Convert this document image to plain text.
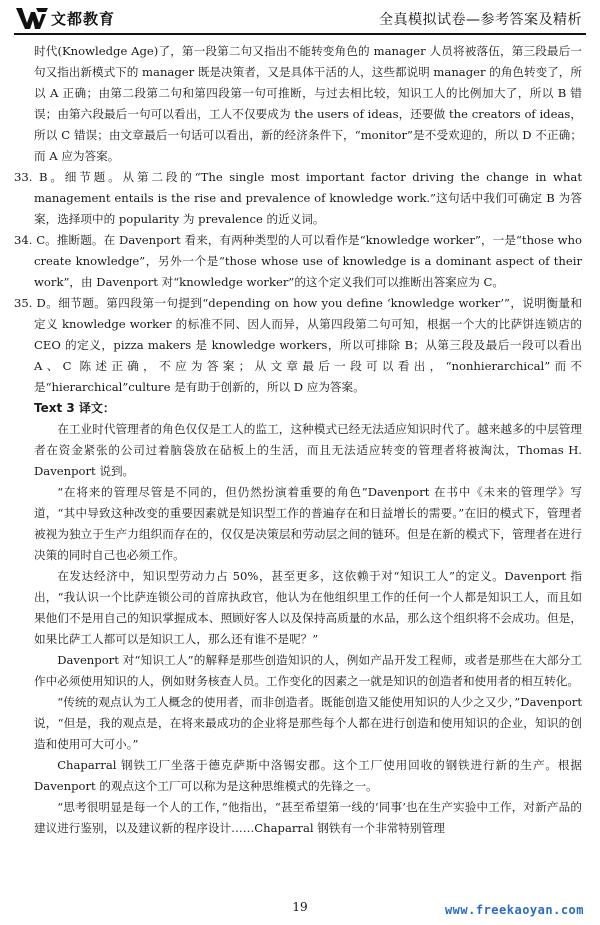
文都教育	全真模拟试卷—参考答案及精析

时代(Knowledge Age)了，第一段第二句又指出不能转变角色的 manager 人员将被落伍，第三段最后一句又指出新模式下的 manager 既是决策者，又是具体干活的人，这些都说明 manager 的角色转变了，所以 A 正确；由第二段第二句和第四段第一句可推断，与过去相比较，知识工人的比例加大了，所以 B 错误；由第六段最后一句可以看出，工人不仅要成为 the users of ideas，还要做 the creators of ideas，所以 C 错误；由文章最后一句话可以看出，新的经济条件下，“monitor”是不受欢迎的，所以 D 不正确；而 A 应为答案。

33. B。细节题。从第二段的“The single most important factor driving the change in what management entails is the rise and prevalence of knowledge work.”这句话中我们可确定 B 为答案，选择项中的 popularity 为 prevalence 的近义词。

34. C。推断题。在 Davenport 看来，有两种类型的人可以看作是“knowledge worker”，一是“those who create knowledge”，另外一个是“those whose use of knowledge is a dominant aspect of their work”，由 Davenport 对“knowledge worker”的这个定义我们可以推断出答案应为 C。

35. D。细节题。第四段第一句提到“depending on how you define ‘knowledge worker’”，说明衡量和定义 knowledge worker 的标准不同、因人而异，从第四段第二句可知，根据一个大的比萨饼连锁店的 CEO 的定义，pizza makers 是 knowledge workers，所以可排除 B；从第三段及最后一段可以看出 A、C 陈述正确，不应为答案；从文章最后一段可以看出，“nonhierarchical”而不是“hierarchical”culture 是有助于创新的，所以 D 应为答案。

Text 3 译文：

在工业时代管理者的角色仅仅是工人的监工，这种模式已经无法适应知识时代了。越来越多的中层管理者在资金紧张的公司过着脑袋放在砧板上的生活，而且无法适应转变的管理者将被淘汰，Thomas H. Davenport 说到。

“在将来的管理尽管是不同的，但仍然扮演着重要的角色”Davenport 在书中《未来的管理学》写道，“其中导致这种改变的重要因素就是知识型工作的普遍存在和日益增长的需要。”在旧的模式下，管理者被视为独立于生产力组织而存在的，仅仅是决策层和劳动层之间的链环。但是在新的模式下，管理者在进行决策的同时自己也必须工作。

在发达经济中，知识型劳动力占 50%，甚至更多，这依赖于对“知识工人”的定义。Davenport 指出，“我认识一个比萨连锁公司的首席执政官，他认为在他组织里工作的任何一个人都是知识工人，而且如果他们不是用自己的知识掌握成本、照顾好客人以及保持高质量的水品，那么这个组织将不会成功。但是，如果比萨工人都可以是知识工人，那么还有谁不是呢？”

Davenport 对“知识工人”的解释是那些创造知识的人，例如产品开发工程师，或者是那些在大部分工作中必须使用知识的人，例如财务核查人员。工作变化的因素之一就是知识的创造者和使用者的相互转化。

“传统的观点认为工人概念的使用者，而非创造者。既能创造又能使用知识的人少之又少，”Davenport 说，“但是，我的观点是，在将来最成功的企业将是那些每个人都在进行创造和使用知识的企业，知识的创造和使用可大可小。”

Chaparral 钢铁工厂坐落于德克萨斯中洛锡安郡。这个工厂使用回收的钢铁进行新的生产。根据 Davenport 的观点这个工厂可以称为是这种思维模式的先锋之一。

“思考很明显是每一个人的工作，”他指出，“甚至希望第一线的‘同事’也在生产实验中工作，对新产品的建议进行鉴别，以及建议新的程序设计……Chaparral 钢铁有一个非常特别管理

19	www.freekaoyan.com
